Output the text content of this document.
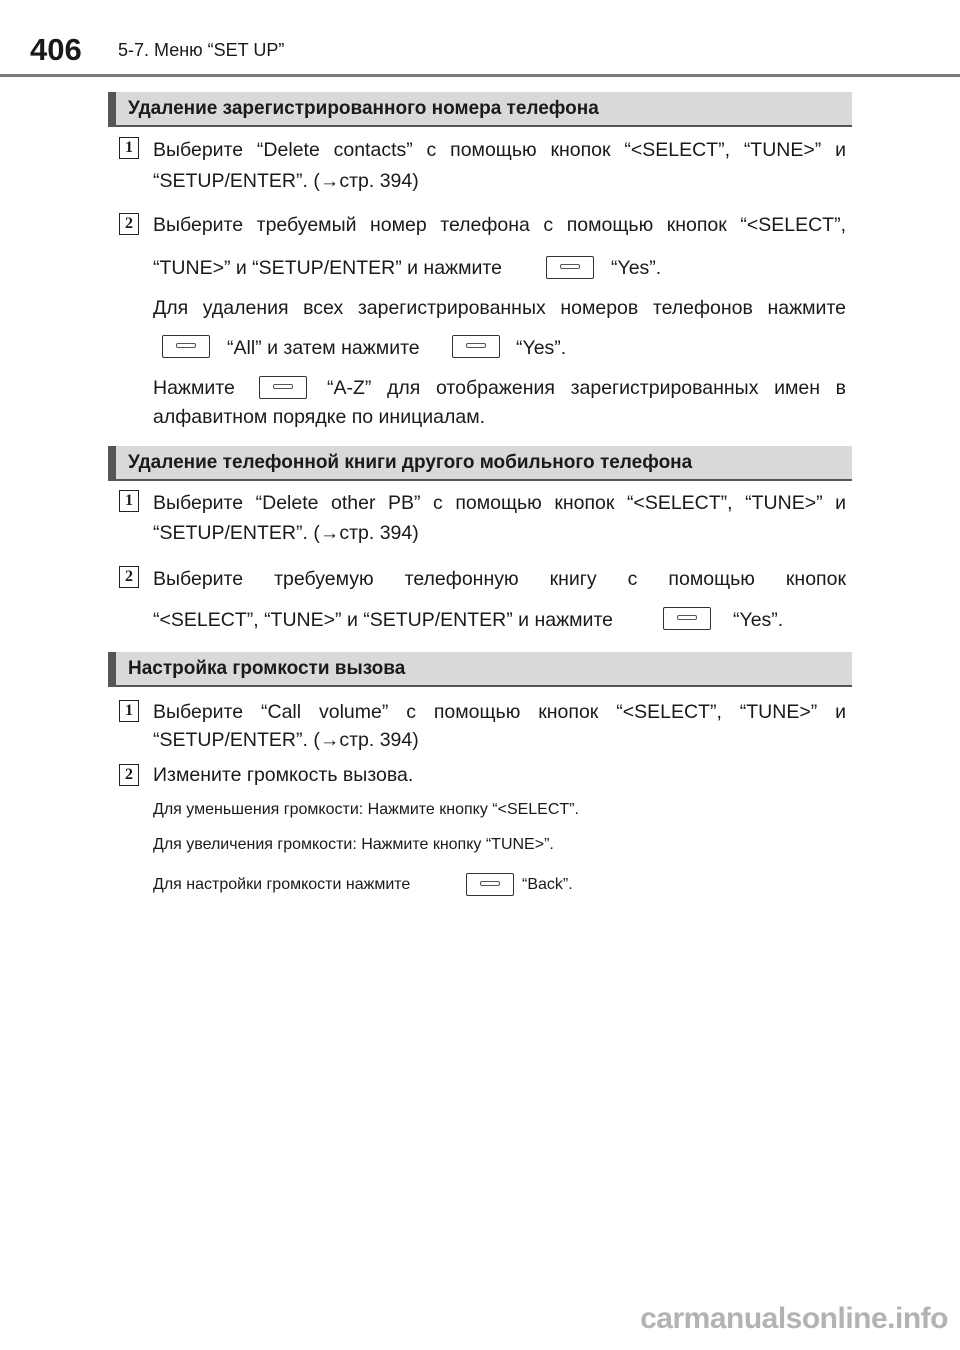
406 5-7. Меню “SET UP”
Удаление зарегистрированного номера телефона
1	Выберите “Delete contacts” с помощью кнопок “<SELECT”, “TUNE>” и
“SETUP/ENTER”. (→стр. 394)
2	Выберите требуемый номер телефона с помощью кнопок “<SELECT”,
“TUNE>” и “SETUP/ENTER” и нажмите	“Yes”.
Для удаления всех зарегистрированных номеров телефонов нажмите
“All” и затем нажмите	“Yes”.
Нажмите	“A-Z” для отображения зарегистрированных имен в
алфавитном порядке по инициалам.
Удаление телефонной книги другого мобильного телефона
1	Выберите “Delete other PB” с помощью кнопок “<SELECT”, “TUNE>” и
“SETUP/ENTER”. (→стр. 394)
2	Выберите требуемую телефонную книгу с помощью кнопок
“<SELECT”, “TUNE>” и “SETUP/ENTER” и нажмите	“Yes”.
Настройка громкости вызова
1	Выберите “Call volume” с помощью кнопок “<SELECT”, “TUNE>” и
“SETUP/ENTER”. (→стр. 394)
2	Измените громкость вызова.
Для уменьшения громкости: Нажмите кнопку “<SELECT”.
Для увеличения громкости: Нажмите кнопку “TUNE>”.
Для настройки громкости нажмите	“Back”.
carmanualsonline.info
